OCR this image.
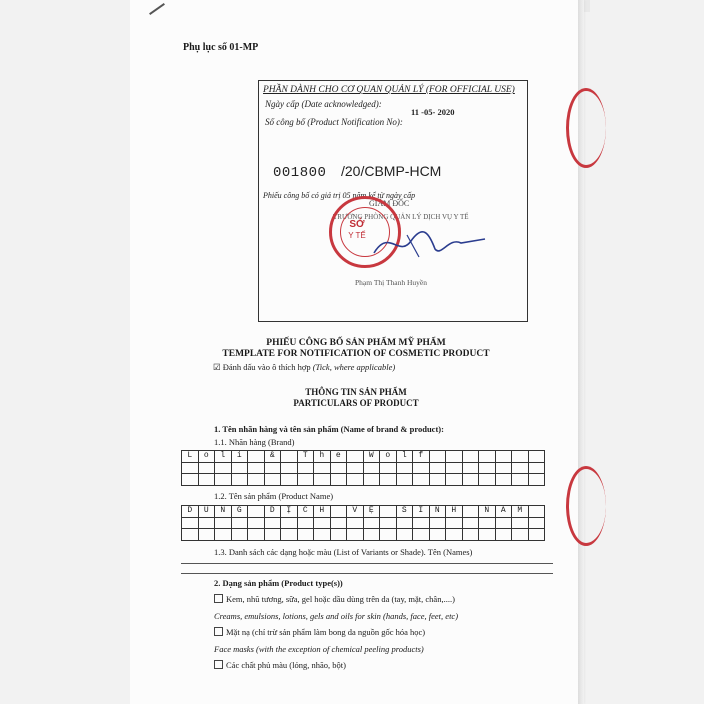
Phụ lục số 01-MP
PHẦN DÀNH CHO CƠ QUAN QUẢN LÝ (FOR OFFICIAL USE)
Ngày cấp (Date acknowledged):
11 -05- 2020
Số công bố (Product Notification No):
001800 /20/CBMP-HCM
Phiếu công bố có giá trị 05 năm kể từ ngày cấp
GIÁM ĐỐC
TRƯỞNG PHÒNG QUẢN LÝ DỊCH VỤ Y TẾ
SỞ
Y TẾ
Phạm Thị Thanh Huyền
PHIẾU CÔNG BỐ SẢN PHẨM MỸ PHẨM
TEMPLATE FOR NOTIFICATION OF COSMETIC PRODUCT
☑ Đánh dấu vào ô thích hợp (Tick, where applicable)
THÔNG TIN SẢN PHẨM
PARTICULARS OF PRODUCT
1. Tên nhãn hàng và tên sản phẩm (Name of brand & product):
1.1. Nhãn hàng (Brand)
L	o	l	i		&		T	h	e		W	o	l	f							

1.2. Tên sản phẩm (Product Name)
D	U	N	G		D	Ị	C	H		V	Ệ		S	I	N	H		N	A	M	

1.3. Danh sách các dạng hoặc màu (List of Variants or Shade). Tên (Names)
2. Dạng sản phẩm (Product type(s))
Kem, nhũ tương, sữa, gel hoặc dầu dùng trên da (tay, mặt, chân,....)
Creams, emulsions, lotions, gels and oils for skin (hands, face, feet, etc)
Mặt nạ (chỉ trừ sản phẩm làm bong da nguồn gốc hóa học)
Face masks (with the exception of chemical peeling products)
Các chất phủ màu (lỏng, nhão, bột)
